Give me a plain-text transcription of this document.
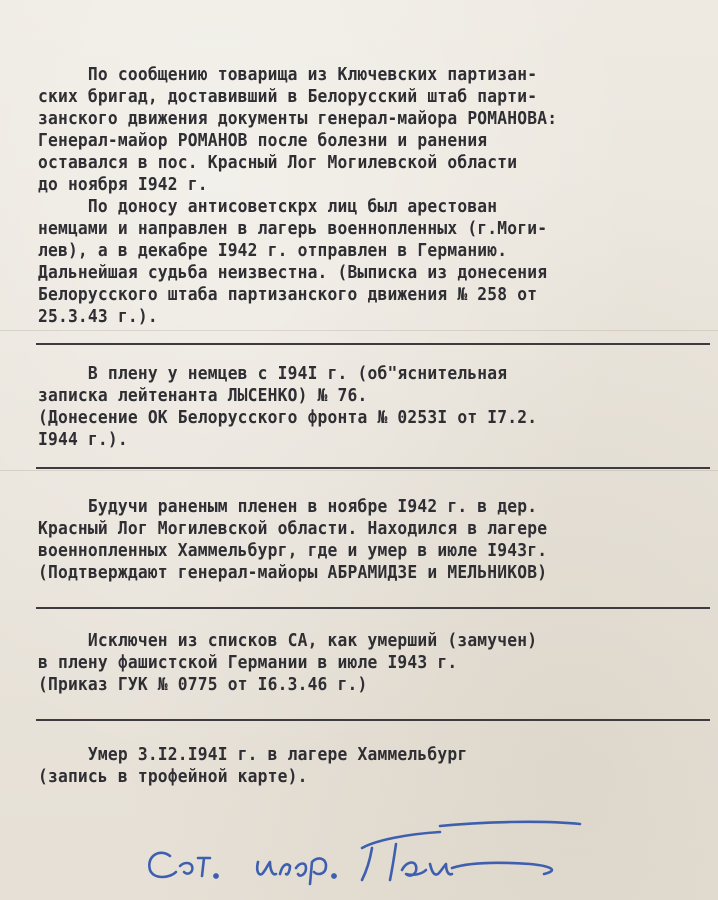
По сообщению товарища из Ключевских партизан-
ских бригад, доставивший в Белорусский штаб парти-
занского движения документы генерал-майора РОМАНОВА:
Генерал-майор РОМАНОВ после болезни и ранения
оставался в пос. Красный Лог Могилевской области
до ноября I942 г.
По доносу антисоветскрх лиц был арестован
немцами и направлен в лагерь военнопленных (г.Моги-
лев), а в декабре I942 г. отправлен в Германию.
Дальнейшая судьба неизвестна. (Выписка из донесения
Белорусского штаба партизанского движения № 258 от
25.3.43 г.).
В плену у немцев с I94I г. (об"яснительная
записка лейтенанта ЛЫСЕНКО) № 76.
(Донесение ОК Белорусского фронта № 0253I от I7.2.
I944 г.).
Будучи раненым пленен в ноябре I942 г. в дер.
Красный Лог Могилевской области. Находился в лагере
военнопленных Хаммельбург, где и умер в июле I943г.
(Подтверждают генерал-майоры АБРАМИДЗЕ и МЕЛЬНИКОВ)
Исключен из списков СА, как умерший (замучен)
в плену фашистской Германии в июле I943 г.
(Приказ ГУК № 0775 от I6.3.46 г.)
Умер 3.I2.I94I г. в лагере Хаммельбург
(запись в трофейной карте).
